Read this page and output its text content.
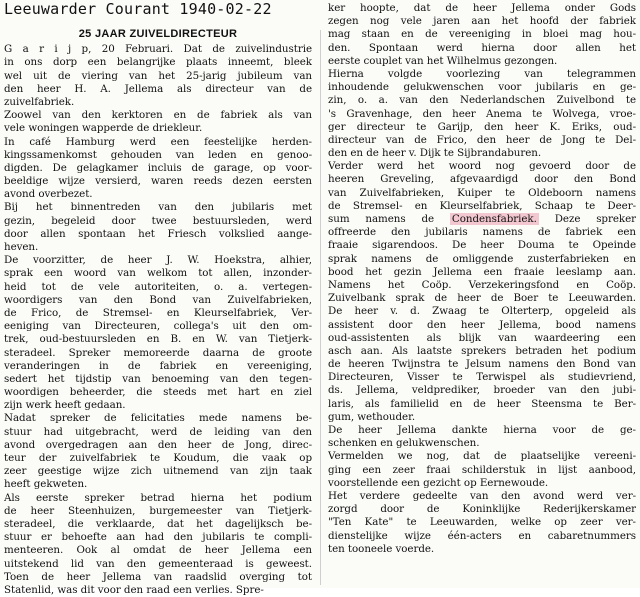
Leeuwarder Courant 1940-02-22
25 JAAR ZUIVELDIRECTEUR
G a r i j p, 20 Februari. Dat de zuivelindustrie
in ons dorp een belangrijke plaats inneemt, bleek
wel uit de viering van het 25-jarig jubileum van
den heer H. A. Jellema als directeur van de
zuivelfabriek.
Zoowel van den kerktoren en de fabriek als van
vele woningen wapperde de driekleur.
In café Hamburg werd een feestelijke herden-
kingssamenkomst gehouden van leden en genoo-
digden. De gelagkamer incluis de garage, op voor-
beeldige wijze versierd, waren reeds dezen eersten
avond overbezet.
Bij het binnentreden van den jubilaris met
gezin, begeleid door twee bestuursleden, werd
door allen spontaan het Friesch volkslied aange-
heven.
De voorzitter, de heer J. W. Hoekstra, alhier,
sprak een woord van welkom tot allen, inzonder-
heid tot de vele autoriteiten, o. a. vertegen-
woordigers van den Bond van Zuivelfabrieken,
de Frico, de Stremsel- en Kleurselfabriek, Ver-
eeniging van Directeuren, collega's uit den om-
trek, oud-bestuursleden en B. en W. van Tietjerk-
steradeel. Spreker memoreerde daarna de groote
veranderingen in de fabriek en vereeniging,
sedert het tijdstip van benoeming van den tegen-
woordigen beheerder, die steeds met hart en ziel
zijn werk heeft gedaan.
Nadat spreker de felicitaties mede namens be-
stuur had uitgebracht, werd de leiding van den
avond overgedragen aan den heer de Jong, direc-
teur der zuivelfabriek te Koudum, die vaak op
zeer geestige wijze zich uitnemend van zijn taak
heeft gekweten.
Als eerste spreker betrad hierna het podium
de heer Steenhuizen, burgemeester van Tietjerk-
steradeel, die verklaarde, dat het dagelijksch be-
stuur er behoefte aan had den jubilaris te compli-
menteeren. Ook al omdat de heer Jellema een
uitstekend lid van den gemeenteraad is geweest.
Toen de heer Jellema van raadslid overging tot
Statenlid, was dit voor den raad een verlies. Spre-
ker hoopte, dat de heer Jellema onder Gods
zegen nog vele jaren aan het hoofd der fabriek
mag staan en de vereeniging in bloei mag hou-
den. Spontaan werd hierna door allen het
eerste couplet van het Wilhelmus gezongen.
Hierna volgde voorlezing van telegrammen
inhoudende gelukwenschen voor jubilaris en ge-
zin, o. a. van den Nederlandschen Zuivelbond te
's Gravenhage, den heer Anema te Wolvega, vroe-
ger directeur te Garijp, den heer K. Eriks, oud-
directeur van de Frico, den heer de Jong te Del-
den en de heer v. Dijk te Sijbrandaburen.
Verder werd het woord nog gevoerd door de
heeren Greveling, afgevaardigd door den Bond
van Zuivelfabrieken, Kuiper te Oldeboorn namens
de Stremsel- en Kleurselfabriek, Schaap te Deer-
sum namens de Condensfabriek. Deze spreker
offreerde den jubilaris namens de fabriek een
fraaie sigarendoos. De heer Douma te Opeinde
sprak namens de omliggende zusterfabrieken en
bood het gezin Jellema een fraaie leeslamp aan.
Namens het Coöp. Verzekeringsfond en Coöp.
Zuivelbank sprak de heer de Boer te Leeuwarden.
De heer v. d. Zwaag te Olterterp, opgeleid als
assistent door den heer Jellema, bood namens
oud-assistenten als blijk van waardeering een
asch aan. Als laatste sprekers betraden het podium
de heeren Twijnstra te Jelsum namens den Bond van
Directeuren, Visser te Terwispel als studievriend,
ds. Jellema, veldprediker, broeder van den jubi-
laris, als familielid en de heer Steensma te Ber-
gum, wethouder.
De heer Jellema dankte hierna voor de ge-
schenken en gelukwenschen.
Vermelden we nog, dat de plaatselijke vereeni-
ging een zeer fraai schilderstuk in lijst aanbood,
voorstellende een gezicht op Eernewoude.
Het verdere gedeelte van den avond werd ver-
zorgd door de Koninklijke Rederijkerskamer
"Ten Kate" te Leeuwarden, welke op zeer ver-
dienstelijke wijze één-acters en cabaretnummers
ten tooneele voerde.
